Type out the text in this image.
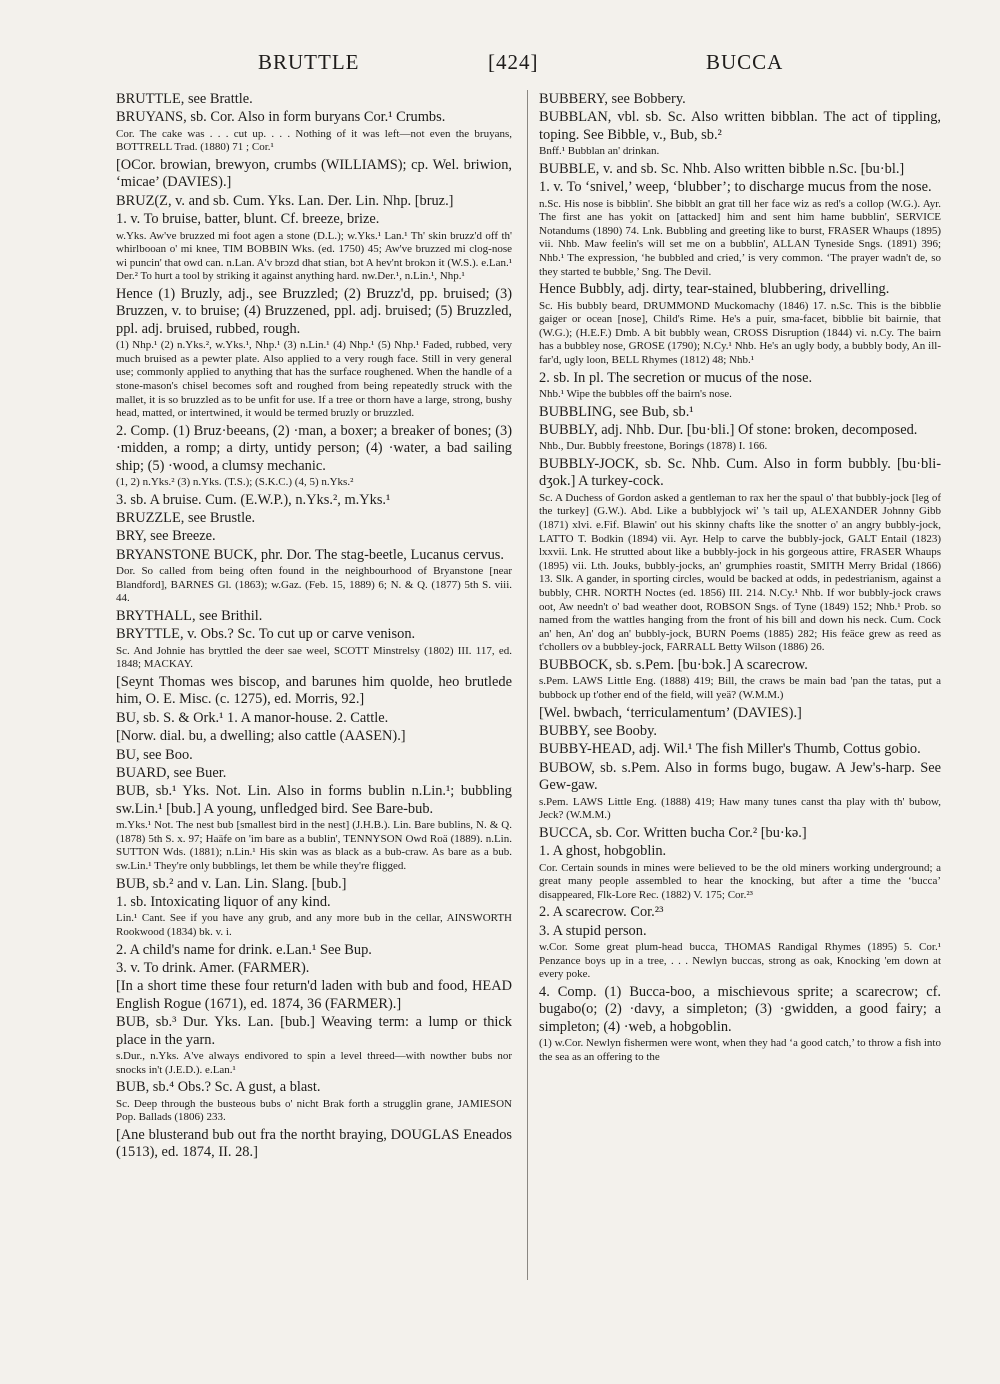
BRUTTLE	[424]	BUCCA

BRUTTLE, see Brattle.

BRUYANS, sb. Cor. Also in form buryans Cor.¹ Crumbs.

Cor. The cake was . . . cut up. . . . Nothing of it was left—not even the bruyans, BOTTRELL Trad. (1880) 71 ; Cor.¹

[OCor. browian, brewyon, crumbs (WILLIAMS); cp. Wel. briwion, ‘micae’ (DAVIES).]

BRUZ(Z, v. and sb. Cum. Yks. Lan. Der. Lin. Nhp. [bruz.]

1. v. To bruise, batter, blunt. Cf. breeze, brize.

w.Yks. Aw've bruzzed mi foot agen a stone (D.L.); w.Yks.¹ Lan.¹ Th' skin bruzz'd off th' whirlbooan o' mi knee, TIM BOBBIN Wks. (ed. 1750) 45; Aw've bruzzed mi clog-nose wi puncin' that owd can. n.Lan. A'v brɔzd dhat stian, bɔt A hev'nt brokɔn it (W.S.). e.Lan.¹ Der.² To hurt a tool by striking it against anything hard. nw.Der.¹, n.Lin.¹, Nhp.¹

Hence (1) Bruzly, adj., see Bruzzled; (2) Bruzz'd, pp. bruised; (3) Bruzzen, v. to bruise; (4) Bruzzened, ppl. adj. bruised; (5) Bruzzled, ppl. adj. bruised, rubbed, rough.

(1) Nhp.¹ (2) n.Yks.², w.Yks.¹, Nhp.¹ (3) n.Lin.¹ (4) Nhp.¹ (5) Nhp.¹ Faded, rubbed, very much bruised as a pewter plate. Also applied to a very rough face. Still in very general use; commonly applied to anything that has the surface roughened. When the handle of a stone-mason's chisel becomes soft and roughed from being repeatedly struck with the mallet, it is so bruzzled as to be unfit for use. If a tree or thorn have a large, strong, bushy head, matted, or intertwined, it would be termed bruzly or bruzzled.

2. Comp. (1) Bruz·beeans, (2) ·man, a boxer; a breaker of bones; (3) ·midden, a romp; a dirty, untidy person; (4) ·water, a bad sailing ship; (5) ·wood, a clumsy mechanic.

(1, 2) n.Yks.² (3) n.Yks. (T.S.); (S.K.C.) (4, 5) n.Yks.²

3. sb. A bruise. Cum. (E.W.P.), n.Yks.², m.Yks.¹

BRUZZLE, see Brustle.

BRY, see Breeze.

BRYANSTONE BUCK, phr. Dor. The stag-beetle, Lucanus cervus.

Dor. So called from being often found in the neighbourhood of Bryanstone [near Blandford], BARNES Gl. (1863); w.Gaz. (Feb. 15, 1889) 6; N. & Q. (1877) 5th S. viii. 44.

BRYTHALL, see Brithil.

BRYTTLE, v. Obs.? Sc. To cut up or carve venison.

Sc. And Johnie has bryttled the deer sae weel, SCOTT Minstrelsy (1802) III. 117, ed. 1848; MACKAY.

[Seynt Thomas wes biscop, and barunes him quolde, heo brutlede him, O. E. Misc. (c. 1275), ed. Morris, 92.]

BU, sb. S. & Ork.¹ 1. A manor-house. 2. Cattle.

[Norw. dial. bu, a dwelling; also cattle (AASEN).]

BU, see Boo.

BUARD, see Buer.

BUB, sb.¹ Yks. Not. Lin. Also in forms bublin n.Lin.¹; bubbling sw.Lin.¹ [bub.] A young, unfledged bird. See Bare-bub.

m.Yks.¹ Not. The nest bub [smallest bird in the nest] (J.H.B.). Lin. Bare bublins, N. & Q. (1878) 5th S. x. 97; Haäfe on 'im bare as a bublin', TENNYSON Owd Roä (1889). n.Lin. SUTTON Wds. (1881); n.Lin.¹ His skin was as black as a bub-craw. As bare as a bub. sw.Lin.¹ They're only bubblings, let them be while they're fligged.

BUB, sb.² and v. Lan. Lin. Slang. [bub.]

1. sb. Intoxicating liquor of any kind.

Lin.¹ Cant. See if you have any grub, and any more bub in the cellar, AINSWORTH Rookwood (1834) bk. v. i.

2. A child's name for drink. e.Lan.¹ See Bup.

3. v. To drink. Amer. (FARMER).

[In a short time these four return'd laden with bub and food, HEAD English Rogue (1671), ed. 1874, 36 (FARMER).]

BUB, sb.³ Dur. Yks. Lan. [bub.] Weaving term: a lump or thick place in the yarn.

s.Dur., n.Yks. A've always endivored to spin a level threed—with nowther bubs nor snocks in't (J.E.D.). e.Lan.¹

BUB, sb.⁴ Obs.? Sc. A gust, a blast.

Sc. Deep through the busteous bubs o' nicht Brak forth a strugglin grane, JAMIESON Pop. Ballads (1806) 233.

[Ane blusterand bub out fra the northt braying, DOUGLAS Eneados (1513), ed. 1874, II. 28.]

BUBBERY, see Bobbery.

BUBBLAN, vbl. sb. Sc. Also written bibblan. The act of tippling, toping. See Bibble, v., Bub, sb.²

Bnff.¹ Bubblan an' drinkan.

BUBBLE, v. and sb. Sc. Nhb. Also written bibble n.Sc. [bu·bl.]

1. v. To ‘snivel,’ weep, ‘blubber’; to discharge mucus from the nose.

n.Sc. His nose is bibblin'. She bibblt an grat till her face wiz as red's a collop (W.G.). Ayr. The first ane has yokit on [attacked] him and sent him hame bubblin', SERVICE Notandums (1890) 74. Lnk. Bubbling and greeting like to burst, FRASER Whaups (1895) vii. Nhb. Maw feelin's will set me on a bubblin', ALLAN Tyneside Sngs. (1891) 396; Nhb.¹ The expression, ‘he bubbled and cried,’ is very common. ‘The prayer wadn't de, so they started te bubble,’ Sng. The Devil.

Hence Bubbly, adj. dirty, tear-stained, blubbering, drivelling.

Sc. His bubbly beard, DRUMMOND Muckomachy (1846) 17. n.Sc. This is the bibblie gaiger or ocean [nose], Child's Rime. He's a puir, sma-facet, bibblie bit bairnie, that (W.G.); (H.E.F.) Dmb. A bit bubbly wean, CROSS Disruption (1844) vi. n.Cy. The bairn has a bubbley nose, GROSE (1790); N.Cy.¹ Nhb. He's an ugly body, a bubbly body, An ill-far'd, ugly loon, BELL Rhymes (1812) 48; Nhb.¹

2. sb. In pl. The secretion or mucus of the nose.

Nhb.¹ Wipe the bubbles off the bairn's nose.

BUBBLING, see Bub, sb.¹

BUBBLY, adj. Nhb. Dur. [bu·bli.] Of stone: broken, decomposed.

Nhb., Dur. Bubbly freestone, Borings (1878) I. 166.

BUBBLY-JOCK, sb. Sc. Nhb. Cum. Also in form bubbly. [bu·bli-dʒok.] A turkey-cock.

Sc. A Duchess of Gordon asked a gentleman to rax her the spaul o' that bubbly-jock [leg of the turkey] (G.W.). Abd. Like a bubblyjock wi' 's tail up, ALEXANDER Johnny Gibb (1871) xlvi. e.Fif. Blawin' out his skinny chafts like the snotter o' an angry bubbly-jock, LATTO T. Bodkin (1894) vii. Ayr. Help to carve the bubbly-jock, GALT Entail (1823) lxxvii. Lnk. He strutted about like a bubbly-jock in his gorgeous attire, FRASER Whaups (1895) vii. Lth. Jouks, bubbly-jocks, an' grumphies roastit, SMITH Merry Bridal (1866) 13. Slk. A gander, in sporting circles, would be backed at odds, in pedestrianism, against a bubbly, CHR. NORTH Noctes (ed. 1856) III. 214. N.Cy.¹ Nhb. If wor bubbly-jock craws oot, Aw needn't o' bad weather doot, ROBSON Sngs. of Tyne (1849) 152; Nhb.¹ Prob. so named from the wattles hanging from the front of his bill and down his neck. Cum. Cock an' hen, An' dog an' bubbly-jock, BURN Poems (1885) 282; His feäce grew as reed as t'chollers ov a bubbley-jock, FARRALL Betty Wilson (1886) 26.

BUBBOCK, sb. s.Pem. [bu·bɔk.] A scarecrow.

s.Pem. LAWS Little Eng. (1888) 419; Bill, the craws be main bad 'pan the tatas, put a bubbock up t'other end of the field, will yeä? (W.M.M.)

[Wel. bwbach, ‘terriculamentum’ (DAVIES).]

BUBBY, see Booby.

BUBBY-HEAD, adj. Wil.¹ The fish Miller's Thumb, Cottus gobio.

BUBOW, sb. s.Pem. Also in forms bugo, bugaw. A Jew's-harp. See Gew-gaw.

s.Pem. LAWS Little Eng. (1888) 419; Haw many tunes canst tha play with th' bubow, Jeck? (W.M.M.)

BUCCA, sb. Cor. Written bucha Cor.² [bu·kə.]

1. A ghost, hobgoblin.

Cor. Certain sounds in mines were believed to be the old miners working underground; a great many people assembled to hear the knocking, but after a time the ‘bucca’ disappeared, Flk-Lore Rec. (1882) V. 175; Cor.²³

2. A scarecrow. Cor.²³

3. A stupid person.

w.Cor. Some great plum-head bucca, THOMAS Randigal Rhymes (1895) 5. Cor.¹ Penzance boys up in a tree, . . . Newlyn buccas, strong as oak, Knocking 'em down at every poke.

4. Comp. (1) Bucca-boo, a mischievous sprite; a scarecrow; cf. bugabo(o; (2) ·davy, a simpleton; (3) ·gwidden, a good fairy; a simpleton; (4) ·web, a hobgoblin.

(1) w.Cor. Newlyn fishermen were wont, when they had ‘a good catch,’ to throw a fish into the sea as an offering to the
